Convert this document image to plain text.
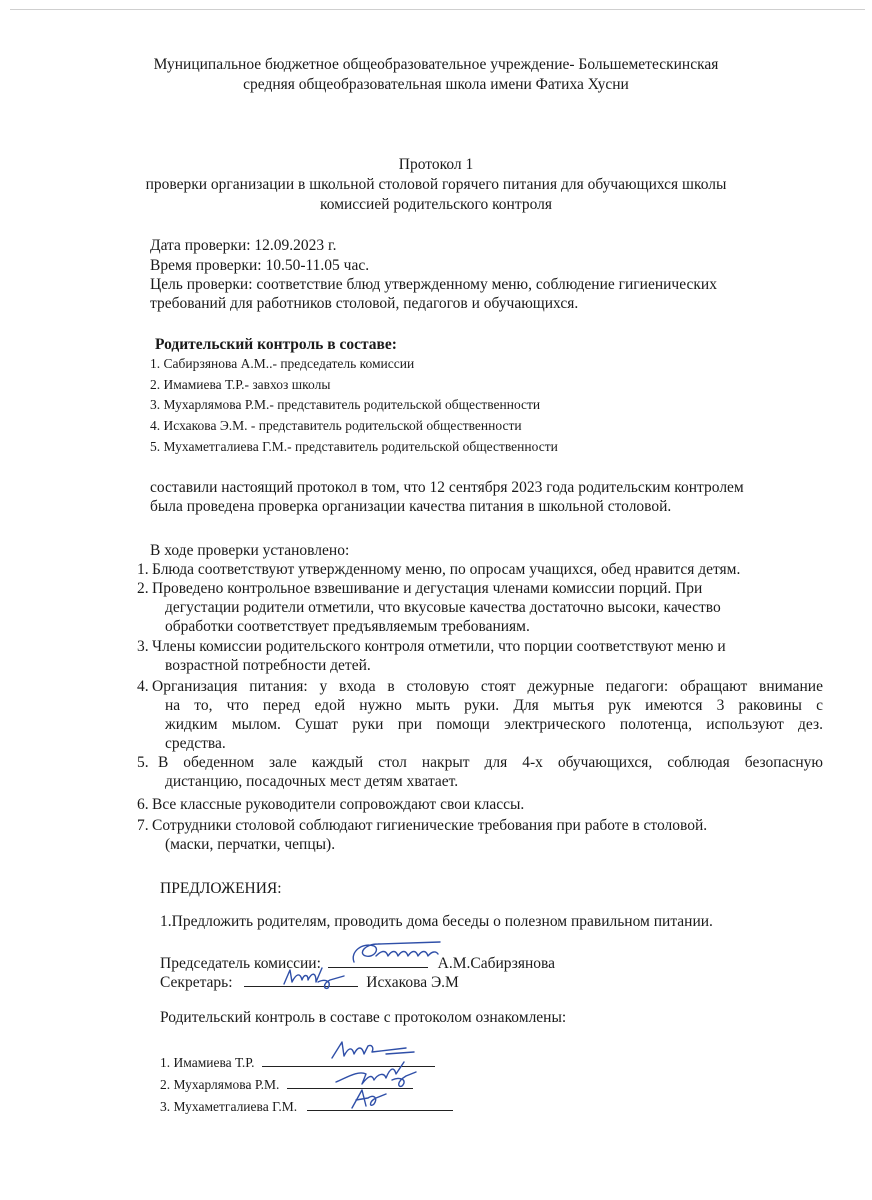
Муниципальное бюджетное общеобразовательное учреждение- Большеметескинская
средняя общеобразовательная школа имени Фатиха Хусни
Протокол 1
проверки организации в школьной столовой горячего питания для обучающихся школы
комиссией родительского контроля
Дата проверки: 12.09.2023 г.
Время проверки: 10.50-11.05 час.
Цель проверки: соответствие блюд утвержденному меню, соблюдение гигиенических
требований для работников столовой, педагогов и обучающихся.
Родительский контроль в составе:
1. Сабирзянова А.М..- председатель комиссии
2. Имамиева Т.Р.- завхоз школы
3. Мухарлямова Р.М.- представитель родительской общественности
4. Исхакова Э.М. - представитель родительской общественности
5. Мухаметгалиева Г.М.- представитель родительской общественности
составили настоящий протокол в том, что 12 сентября 2023 года родительским контролем
была проведена проверка организации качества питания в школьной столовой.
В ходе проверки установлено:
1. Блюда соответствуют утвержденному меню, по опросам учащихся, обед нравится детям.
2. Проведено контрольное взвешивание и дегустация членами комиссии порций. При
дегустации родители отметили, что вкусовые качества достаточно высоки, качество
обработки соответствует предъявляемым требованиям.
3. Члены комиссии родительского контроля отметили, что порции соответствуют меню и
возрастной потребности детей.
4. Организация питания: у входа в столовую стоят дежурные педагоги: обращают внимание
на то, что перед едой нужно мыть руки. Для мытья рук имеются 3 раковины с
жидким мылом. Сушат руки при помощи электрического полотенца, используют дез.
средства.
5. В обеденном зале каждый стол накрыт для 4-х обучающихся, соблюдая безопасную
дистанцию, посадочных мест детям хватает.
6. Все классные руководители сопровождают свои классы.
7. Сотрудники столовой соблюдают гигиенические требования при работе в столовой.
(маски, перчатки, чепцы).
ПРЕДЛОЖЕНИЯ:
1.Предложить родителям, проводить дома беседы о полезном правильном питании.
Председатель комиссии:	А.М.Сабирзянова
Секретарь:	Исхакова Э.М
Родительский контроль в составе с протоколом ознакомлены:
1. Имамиева Т.Р.
2. Мухарлямова Р.М.
3. Мухаметгалиева Г.М.
